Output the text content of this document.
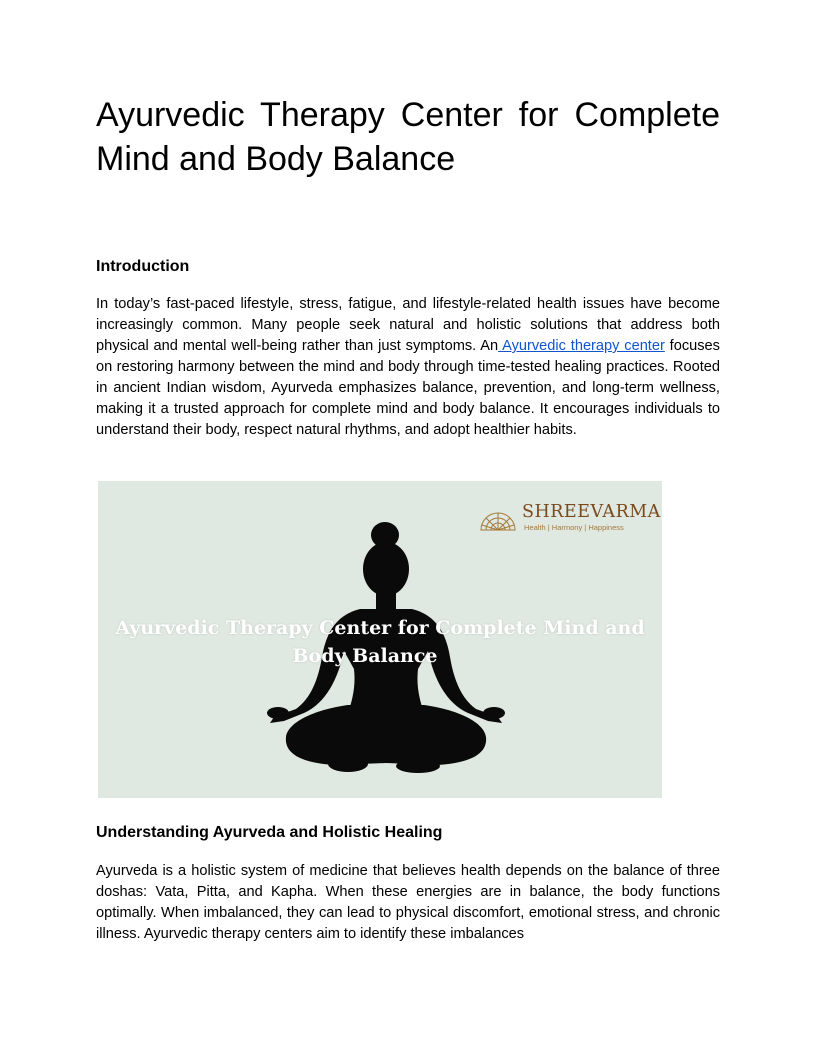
Ayurvedic Therapy Center for Complete Mind and Body Balance
Introduction

In today’s fast-paced lifestyle, stress, fatigue, and lifestyle-related health issues have become increasingly common. Many people seek natural and holistic solutions that address both physical and mental well-being rather than just symptoms. An Ayurvedic therapy center focuses on restoring harmony between the mind and body through time-tested healing practices. Rooted in ancient Indian wisdom, Ayurveda emphasizes balance, prevention, and long-term wellness, making it a trusted approach for complete mind and body balance. It encourages individuals to understand their body, respect natural rhythms, and adopt healthier habits.

Understanding Ayurveda and Holistic Healing

Ayurveda is a holistic system of medicine that believes health depends on the balance of three doshas: Vata, Pitta, and Kapha. When these energies are in balance, the body functions optimally. When imbalanced, they can lead to physical discomfort, emotional stress, and chronic illness. Ayurvedic therapy centers aim to identify these imbalances

SHREEVARMA
Health | Harmony | Happiness
Ayurvedic Therapy Center for Complete Mind and
Body Balance
